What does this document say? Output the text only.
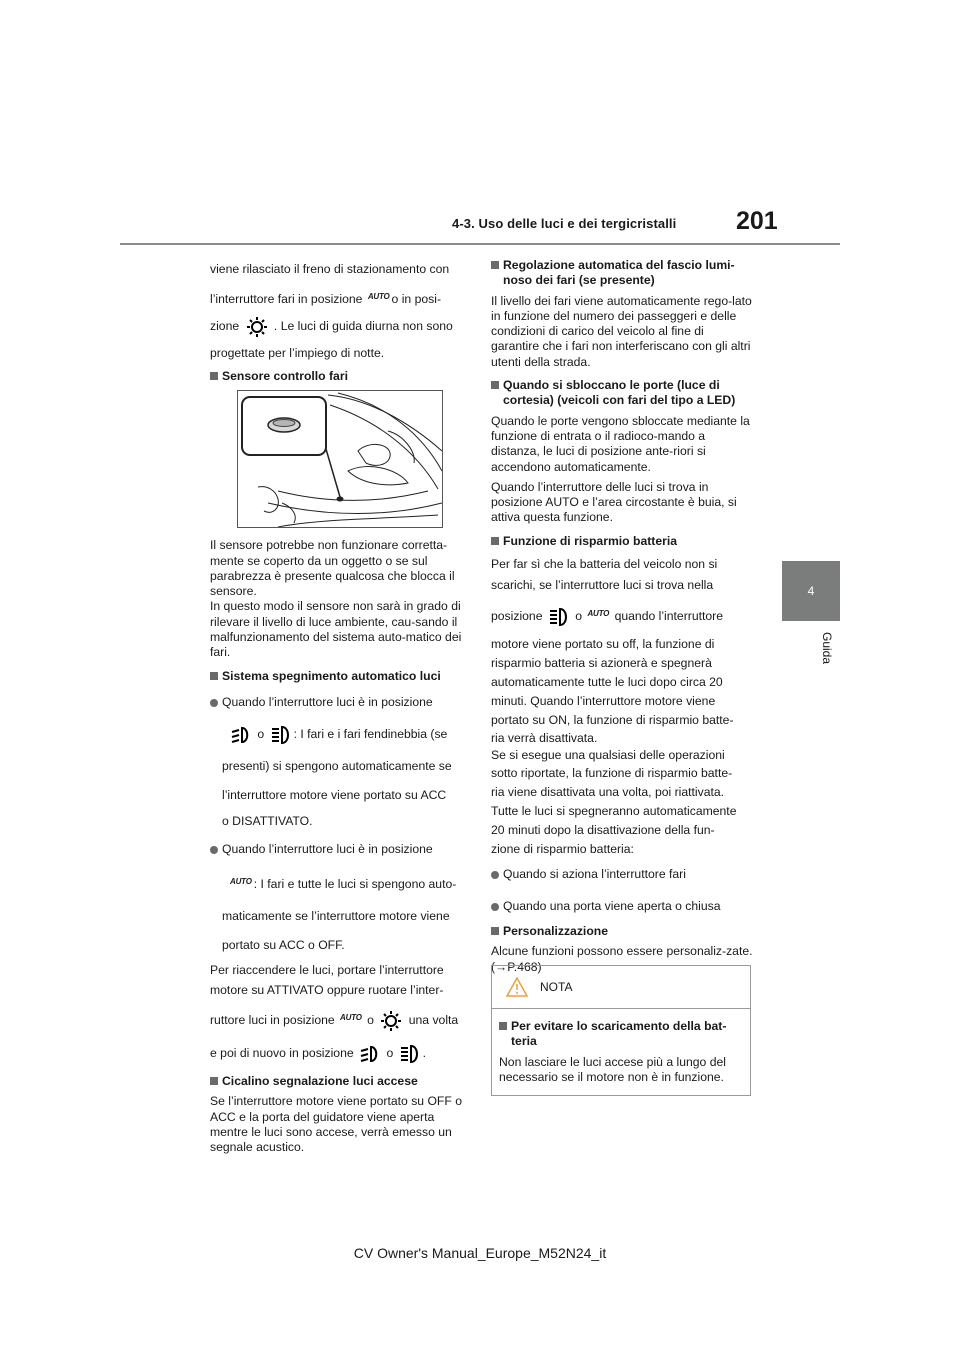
4-3. Uso delle luci e dei tergicristalli 201
4
Guida

viene rilasciato il freno di stazionamento con

l’interruttore fari in posizione $^{AUTO}$ o in posi-

zione	. Le luci di guida diurna non sono

progettate per l’impiego di notte.

Sensore controllo fari

Il sensore potrebbe non funzionare corretta-mente se coperto da un oggetto o se sul parabrezza è presente qualcosa che blocca il sensore.
In questo modo il sensore non sarà in grado di rilevare il livello di luce ambiente, cau-sando il malfunzionamento del sistema auto-matico dei fari.

Sistema spegnimento automatico luci

Quando l’interruttore luci è in posizione

o : I fari e i fari fendinebbia (se

presenti) si spengono automaticamente se

l’interruttore motore viene portato su ACC

o DISATTIVATO.

Quando l’interruttore luci è in posizione

$^{AUTO}$ : I fari e tutte le luci si spengono auto-

maticamente se l’interruttore motore viene

portato su ACC o OFF.

Per riaccendere le luci, portare l’interruttore

motore su ATTIVATO oppure ruotare l’inter-

ruttore luci in posizione $^{AUTO}$ o	una volta

e poi di nuovo in posizione	o .

Cicalino segnalazione luci accese

Se l’interruttore motore viene portato su OFF o ACC e la porta del guidatore viene aperta mentre le luci sono accese, verrà emesso un segnale acustico.

Regolazione automatica del fascio lumi-noso dei fari (se presente)

Il livello dei fari viene automaticamente rego-lato in funzione del numero dei passeggeri e delle condizioni di carico del veicolo al fine di garantire che i fari non interferiscano con gli altri utenti della strada.

Quando si sbloccano le porte (luce di cortesia) (veicoli con fari del tipo a LED)

Quando le porte vengono sbloccate mediante la funzione di entrata o il radioco-mando a distanza, le luci di posizione ante-riori si accendono automaticamente.

Quando l’interruttore delle luci si trova in posizione AUTO e l’area circostante è buia, si attiva questa funzione.

Funzione di risparmio batteria

Per far sì che la batteria del veicolo non si

scarichi, se l’interruttore luci si trova nella

posizione	o $^{AUTO}$ quando l’interruttore

motore viene portato su off, la funzione di

risparmio batteria si azionerà e spegnerà

automaticamente tutte le luci dopo circa 20

minuti. Quando l’interruttore motore viene

portato su ON, la funzione di risparmio batte-

ria verrà disattivata.

Se si esegue una qualsiasi delle operazioni

sotto riportate, la funzione di risparmio batte-

ria viene disattivata una volta, poi riattivata.

Tutte le luci si spegneranno automaticamente

20 minuti dopo la disattivazione della fun-

zione di risparmio batteria:

Quando si aziona l’interruttore fari

Quando una porta viene aperta o chiusa

Personalizzazione

Alcune funzioni possono essere personaliz-zate. (→P.468)

NOTA
Per evitare lo scaricamento della bat-teria

Non lasciare le luci accese più a lungo del necessario se il motore non è in funzione.

CV Owner's Manual_Europe_M52N24_it
